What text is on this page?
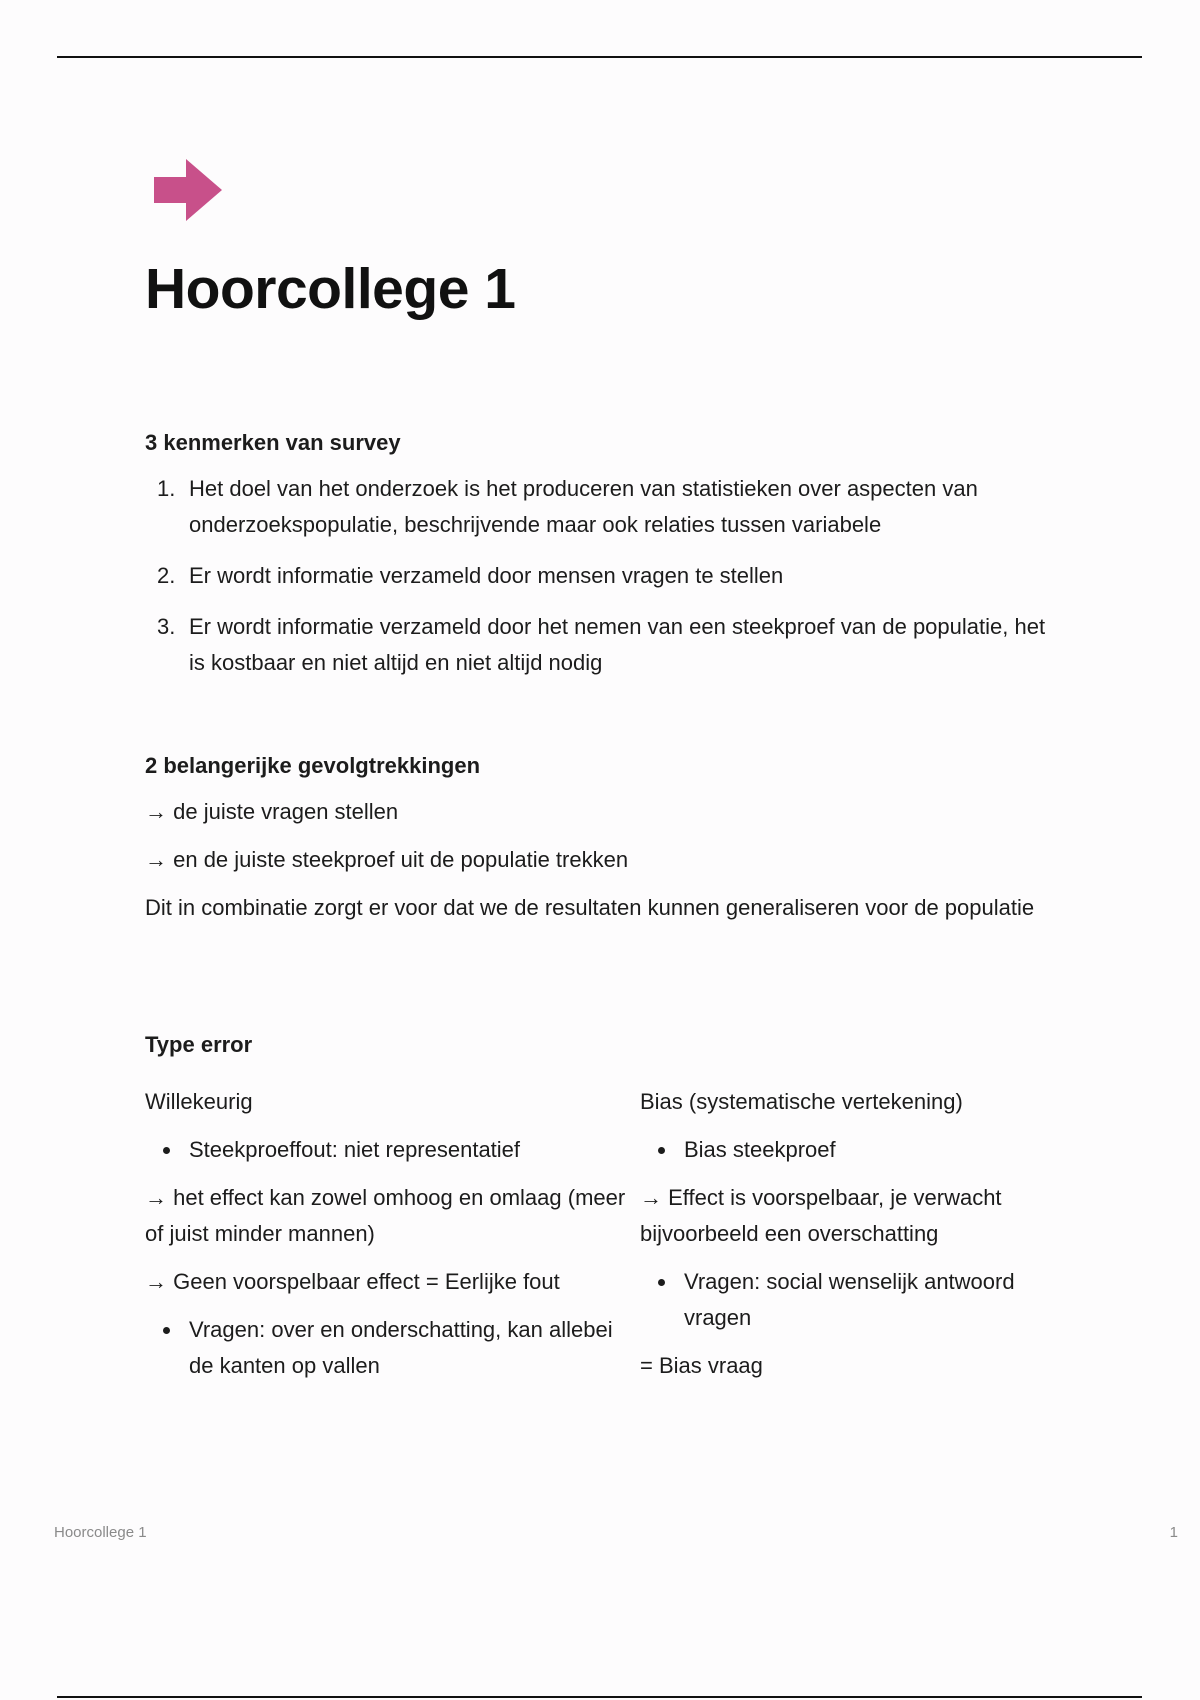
Hoorcollege 1

3 kenmerken van survey

1. Het doel van het onderzoek is het produceren van statistieken over aspecten van onderzoekspopulatie, beschrijvende maar ook relaties tussen variabele
2. Er wordt informatie verzameld door mensen vragen te stellen
3. Er wordt informatie verzameld door het nemen van een steekproef van de populatie, het is kostbaar en niet altijd en niet altijd nodig

2 belangerijke gevolgtrekkingen

→ de juiste vragen stellen

→ en de juiste steekproef uit de populatie trekken

Dit in combinatie zorgt er voor dat we de resultaten kunnen generaliseren voor de populatie

Type error

Willekeurig

Steekproeffout: niet representatief

→ het effect kan zowel omhoog en omlaag (meer of juist minder mannen)

→ Geen voorspelbaar effect = Eerlijke fout

Vragen: over en onderschatting, kan allebei de kanten op vallen

Bias (systematische vertekening)

Bias steekproef

→ Effect is voorspelbaar, je verwacht bijvoorbeeld een overschatting

Vragen: social wenselijk antwoord vragen

= Bias vraag

Hoorcollege 1	1
